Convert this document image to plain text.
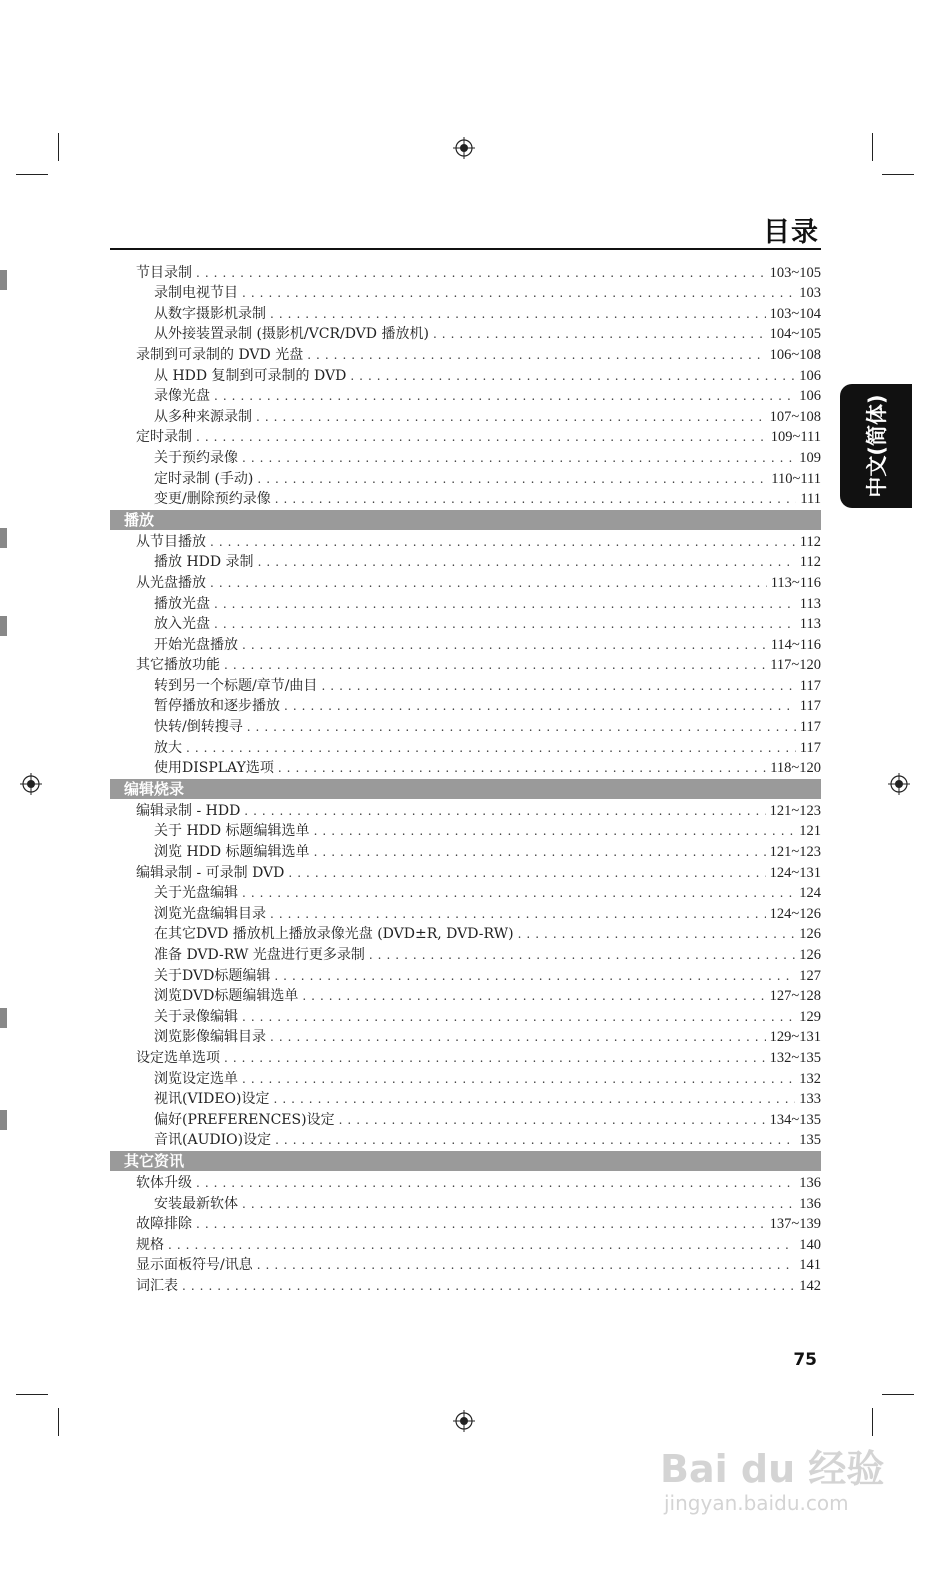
目录
中文(简体)
节目录制 .....	103~105
录制电视节目 .....	103
从数字摄影机录制 .....	103~104
从外接装置录制 (摄影机/VCR/DVD 播放机) .....	104~105
录制到可录制的 DVD 光盘 .....	106~108
从 HDD 复制到可录制的 DVD .....	106
录像光盘 .....	106
从多种来源录制 .....	107~108
定时录制 .....	109~111
关于预约录像 .....	109
定时录制 (手动) .....	110~111
变更/删除预约录像 .....	111
播放
从节目播放 .....	112
播放 HDD 录制 .....	112
从光盘播放 .....	113~116
播放光盘 .....	113
放入光盘 .....	113
开始光盘播放 .....	114~116
其它播放功能 .....	117~120
转到另一个标题/章节/曲目 .....	117
暂停播放和逐步播放 .....	117
快转/倒转搜寻 .....	117
放大 .....	117
使用DISPLAY选项 .....	118~120
编辑烧录
编辑录制 - HDD .....	121~123
关于 HDD 标题编辑选单 .....	121
浏览 HDD 标题编辑选单 .....	121~123
编辑录制 - 可录制 DVD .....	124~131
关于光盘编辑 .....	124
浏览光盘编辑目录 .....	124~126
在其它DVD 播放机上播放录像光盘 (DVD±R, DVD-RW) .....	126
准备 DVD-RW 光盘进行更多录制 .....	126
关于DVD标题编辑 .....	127
浏览DVD标题编辑选单 .....	127~128
关于录像编辑 .....	129
浏览影像编辑目录 .....	129~131
设定选单选项 .....	132~135
浏览设定选单 .....	132
视讯(VIDEO)设定 .....	133
偏好(PREFERENCES)设定 .....	134~135
音讯(AUDIO)设定 .....	135
其它资讯
软体升级 .....	136
安装最新软体 .....	136
故障排除 .....	137~139
规格 .....	140
显示面板符号/讯息 .....	141
词汇表 .....	142
75
Bai du 经验
jingyan.baidu.com
